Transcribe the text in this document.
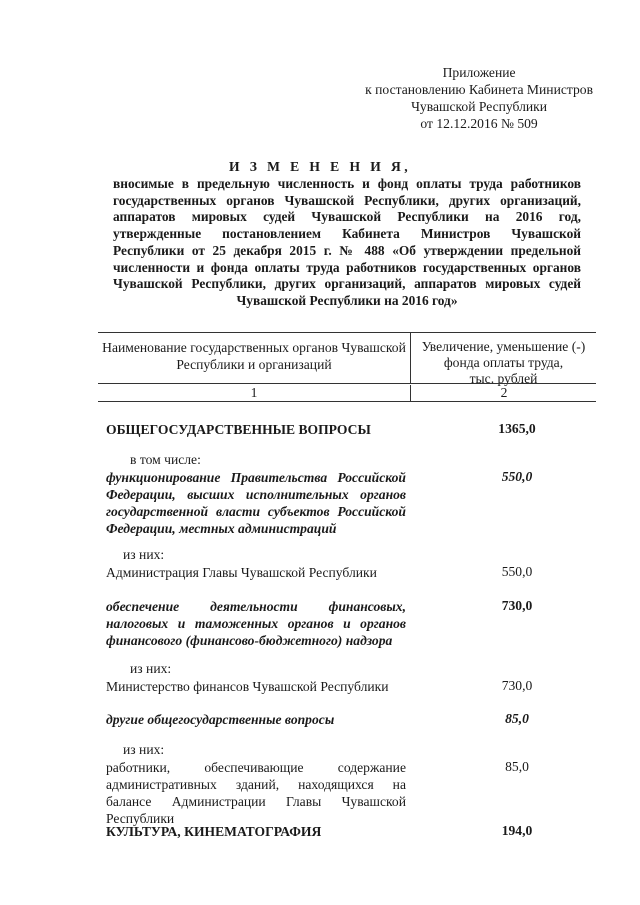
Приложение
к постановлению Кабинета Министров
Чувашской Республики
от 12.12.2016 № 509
И З М Е Н Е Н И Я,
вносимые в предельную численность и фонд оплаты труда работников государственных органов Чувашской Республики, других организаций, аппаратов мировых судей Чувашской Республики на 2016 год, утвержденные постановлением Кабинета Министров Чувашской Республики от 25 декабря 2015 г. № 488 «Об утверждении предельной численности и фонда оплаты труда работников государственных органов Чувашской Республики, других организаций, аппаратов мировых судей Чувашской Республики на 2016 год»
Наименование государственных органов Чувашской Республики и организаций
Увеличение, уменьшение (-)
фонда оплаты труда,
тыс. рублей
1	2
ОБЩЕГОСУДАРСТВЕННЫЕ ВОПРОСЫ	1365,0
в том числе:
функционирование Правительства Российской Федерации, высших исполнительных органов государственной власти субъектов Российской Федерации, местных администраций
550,0
из них:
Администрация Главы Чувашской Республики	550,0
обеспечение деятельности финансовых, налоговых и таможенных органов и органов финансового (финансово-бюджетного) надзора
730,0
из них:
Министерство финансов Чувашской Республики	730,0
другие общегосударственные вопросы	85,0
из них:
работники, обеспечивающие содержание административных зданий, находящихся на балансе Администрации Главы Чувашской Республики
85,0
КУЛЬТУРА, КИНЕМАТОГРАФИЯ	194,0
